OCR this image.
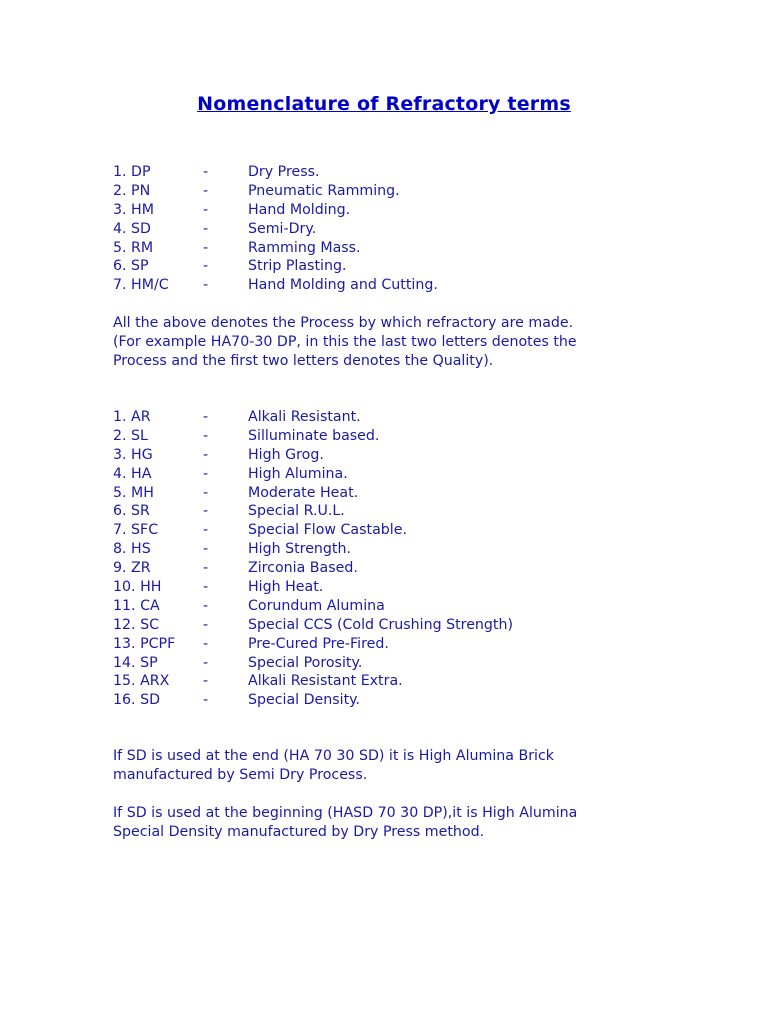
Nomenclature of Refractory terms
1. DP	-	Dry Press.
2. PN	-	Pneumatic Ramming.
3. HM	-	Hand Molding.
4. SD	-	Semi-Dry.
5. RM	-	Ramming Mass.
6. SP	-	Strip Plasting.
7. HM/C -	Hand Molding and Cutting.
All the above denotes the Process by which refractory are made.
(For example HA70-30 DP, in this the last two letters denotes the
Process and the first two letters denotes the Quality).
1. AR	-	Alkali Resistant.
2. SL	-	Silluminate based.
3. HG	-	High Grog.
4. HA	-	High Alumina.
5. MH	-	Moderate Heat.
6. SR	-	Special R.U.L.
7. SFC	-	Special Flow Castable.
8. HS	-	High Strength.
9. ZR	-	Zirconia Based.
10. HH	-	High Heat.
11. CA	-	Corundum Alumina
12. SC	-	Special CCS (Cold Crushing Strength)
13. PCPF -	Pre-Cured Pre-Fired.
14. SP	-	Special Porosity.
15. ARX -	Alkali Resistant Extra.
16. SD	-	Special Density.
If SD is used at the end (HA 70 30 SD) it is High Alumina Brick
manufactured by Semi Dry Process.
If SD is used at the beginning (HASD 70 30 DP),it is High Alumina
Special Density manufactured by Dry Press method.
